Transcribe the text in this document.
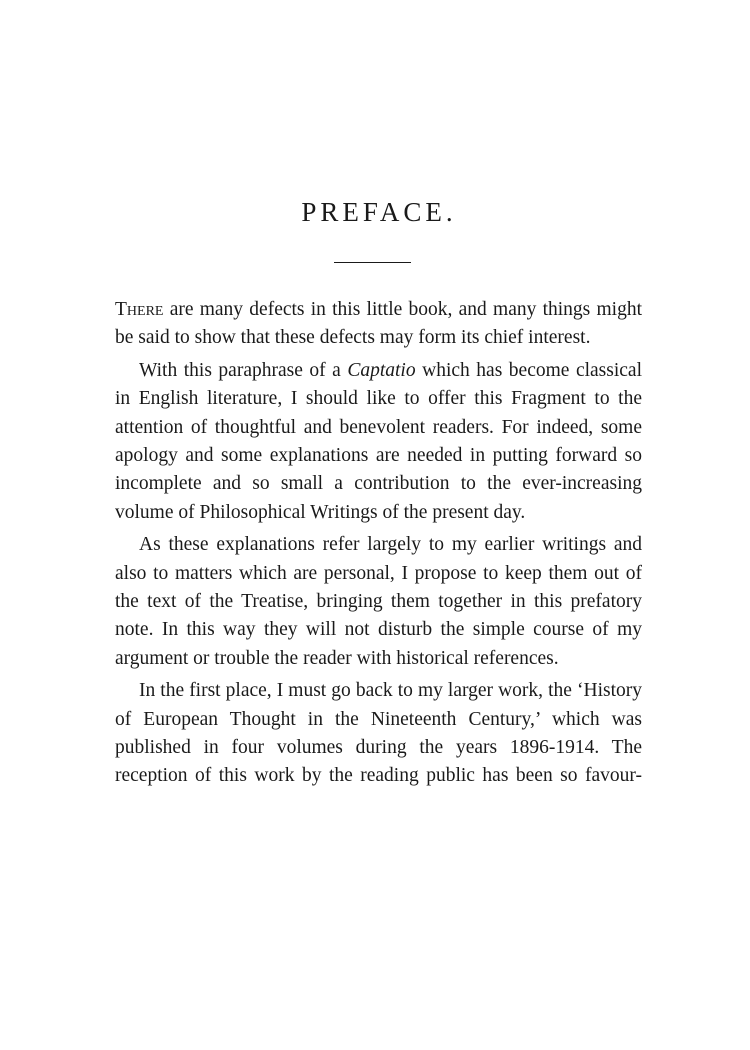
PREFACE.

There are many defects in this little book, and many things might be said to show that these defects may form its chief interest.

With this paraphrase of a Captatio which has become classical in English literature, I should like to offer this Fragment to the attention of thoughtful and benevolent readers. For indeed, some apology and some explanations are needed in putting forward so incomplete and so small a contribution to the ever-increasing volume of Philosophical Writings of the present day.

As these explanations refer largely to my earlier writings and also to matters which are personal, I propose to keep them out of the text of the Treatise, bringing them together in this prefatory note. In this way they will not disturb the simple course of my argument or trouble the reader with historical references.

In the first place, I must go back to my larger work, the ‘History of European Thought in the Nineteenth Century,’ which was published in four volumes during the years 1896-1914. The reception of this work by the reading public has been so favour-
